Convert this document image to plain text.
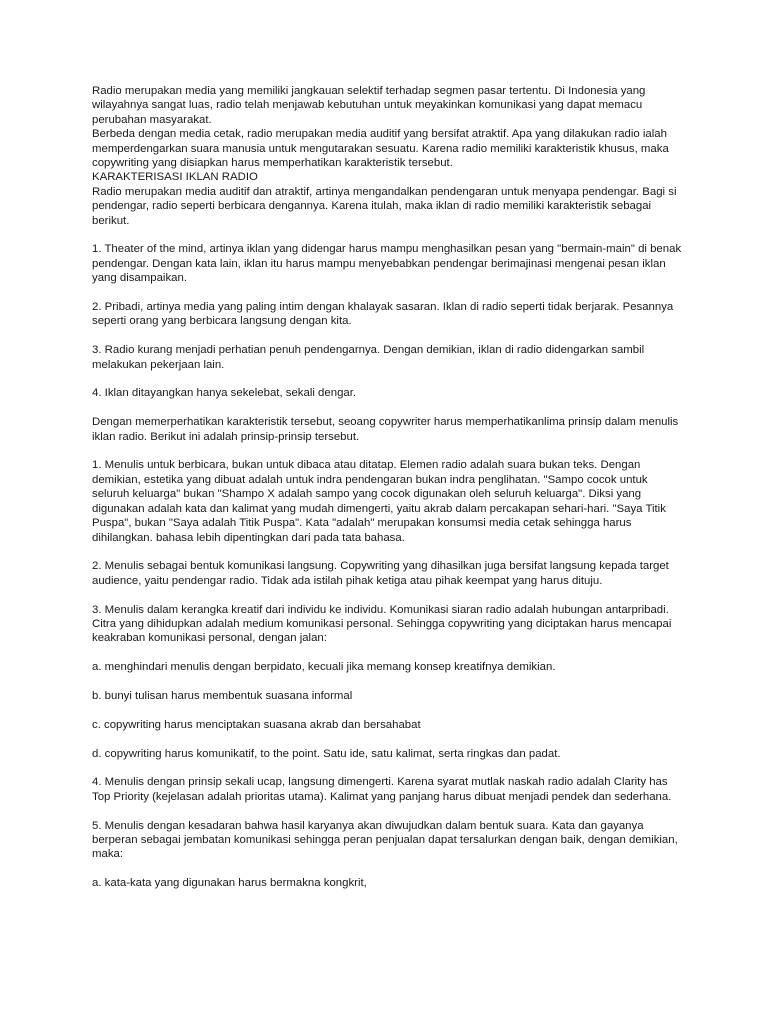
Radio merupakan media yang memiliki jangkauan selektif terhadap segmen pasar tertentu. Di Indonesia yang wilayahnya sangat luas, radio telah menjawab kebutuhan untuk meyakinkan komunikasi yang dapat memacu perubahan masyarakat.

Berbeda dengan media cetak, radio merupakan media auditif yang bersifat atraktif. Apa yang dilakukan radio ialah memperdengarkan suara manusia untuk mengutarakan sesuatu. Karena radio memiliki karakteristik khusus, maka copywriting yang disiapkan harus memperhatikan karakteristik tersebut.

KARAKTERISASI IKLAN RADIO

Radio merupakan media auditif dan atraktif, artinya mengandalkan pendengaran untuk menyapa pendengar. Bagi si pendengar, radio seperti berbicara dengannya. Karena itulah, maka iklan di radio memiliki karakteristik sebagai berikut.

1. Theater of the mind, artinya iklan yang didengar harus mampu menghasilkan pesan yang "bermain-main" di benak pendengar. Dengan kata lain, iklan itu harus mampu menyebabkan pendengar berimajinasi mengenai pesan iklan yang disampaikan.

2. Pribadi, artinya media yang paling intim dengan khalayak sasaran. Iklan di radio seperti tidak berjarak. Pesannya seperti orang yang berbicara langsung dengan kita.

3. Radio kurang menjadi perhatian penuh pendengarnya. Dengan demikian, iklan di radio didengarkan sambil melakukan pekerjaan lain.

4. Iklan ditayangkan hanya sekelebat, sekali dengar.

Dengan memerperhatikan karakteristik tersebut, seoang copywriter harus memperhatikanlima prinsip dalam menulis iklan radio. Berikut ini adalah prinsip-prinsip tersebut.

1. Menulis untuk berbicara, bukan untuk dibaca atau ditatap. Elemen radio adalah suara bukan teks. Dengan demikian, estetika yang dibuat adalah untuk indra pendengaran bukan indra penglihatan. "Sampo cocok untuk seluruh keluarga" bukan "Shampo X adalah sampo yang cocok digunakan oleh seluruh keluarga". Diksi yang digunakan adalah kata dan kalimat yang mudah dimengerti, yaitu akrab dalam percakapan sehari-hari. "Saya Titik Puspa", bukan "Saya adalah Titik Puspa". Kata "adalah" merupakan konsumsi media cetak sehingga harus dihilangkan. bahasa lebih dipentingkan dari pada tata bahasa.

2. Menulis sebagai bentuk komunikasi langsung. Copywriting yang dihasilkan juga bersifat langsung kepada target audience, yaitu pendengar radio. Tidak ada istilah pihak ketiga atau pihak keempat yang harus dituju.

3. Menulis dalam kerangka kreatif dari individu ke individu. Komunikasi siaran radio adalah hubungan antarpribadi. Citra yang dihidupkan adalah medium komunikasi personal. Sehingga copywriting yang diciptakan harus mencapai keakraban komunikasi personal, dengan jalan:

a. menghindari menulis dengan berpidato, kecuali jika memang konsep kreatifnya demikian.

b. bunyi tulisan harus membentuk suasana informal

c. copywriting harus menciptakan suasana akrab dan bersahabat

d. copywriting harus komunikatif, to the point. Satu ide, satu kalimat, serta ringkas dan padat.

4. Menulis dengan prinsip sekali ucap, langsung dimengerti. Karena syarat mutlak naskah radio adalah Clarity has Top Priority (kejelasan adalah prioritas utama). Kalimat yang panjang harus dibuat menjadi pendek dan sederhana.

5. Menulis dengan kesadaran bahwa hasil karyanya akan diwujudkan dalam bentuk suara. Kata dan gayanya berperan sebagai jembatan komunikasi sehingga peran penjualan dapat tersalurkan dengan baik, dengan demikian, maka:

a. kata-kata yang digunakan harus bermakna kongkrit,
